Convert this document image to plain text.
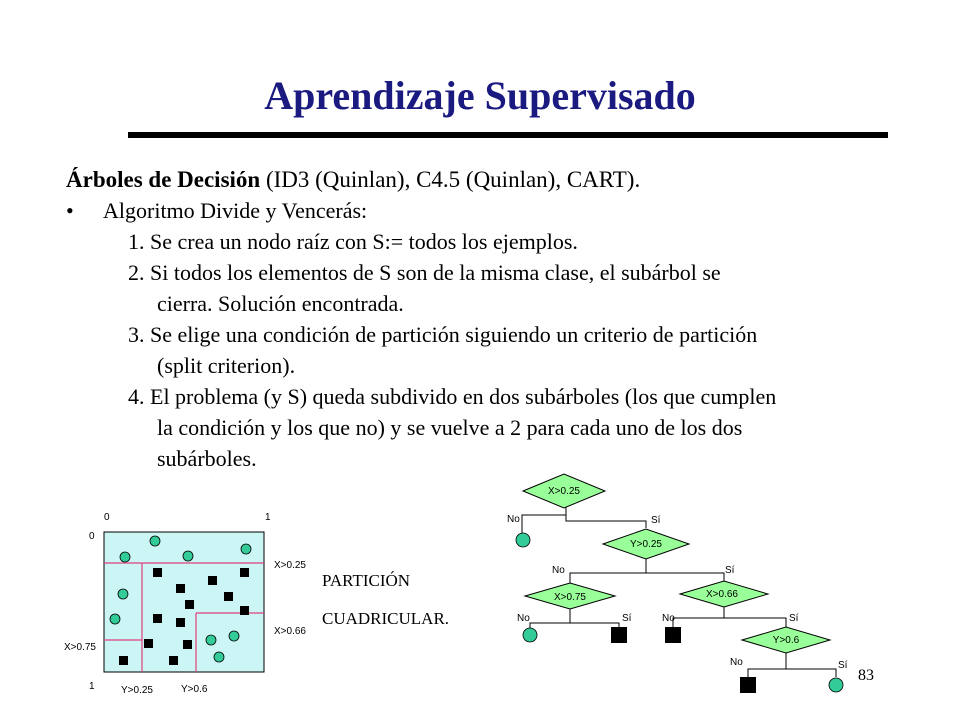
Aprendizaje Supervisado
Árboles de Decisión (ID3 (Quinlan), C4.5 (Quinlan), CART).
• Algoritmo Divide y Vencerás:
1. Se crea un nodo raíz con S:= todos los ejemplos.
2. Si todos los elementos de S son de la misma clase, el subárbol se
cierra. Solución encontrada.
3. Se elige una condición de partición siguiendo un criterio de partición
(split criterion).
4. El problema (y S) queda subdivido en dos subárboles (los que cumplen
la condición y los que no) y se vuelve a 2 para cada uno de los dos
subárboles.
0	1
0
1
X>0.25
X>0.66
X>0.75
Y>0.25	Y>0.6
X>0.25
Y>0.25
X>0.75	X>0.66
Y>0.6
No	Sí
No	Sí
No	Sí	No	Sí
No	Sí
PARTICIÓN
CUADRICULAR.
83
